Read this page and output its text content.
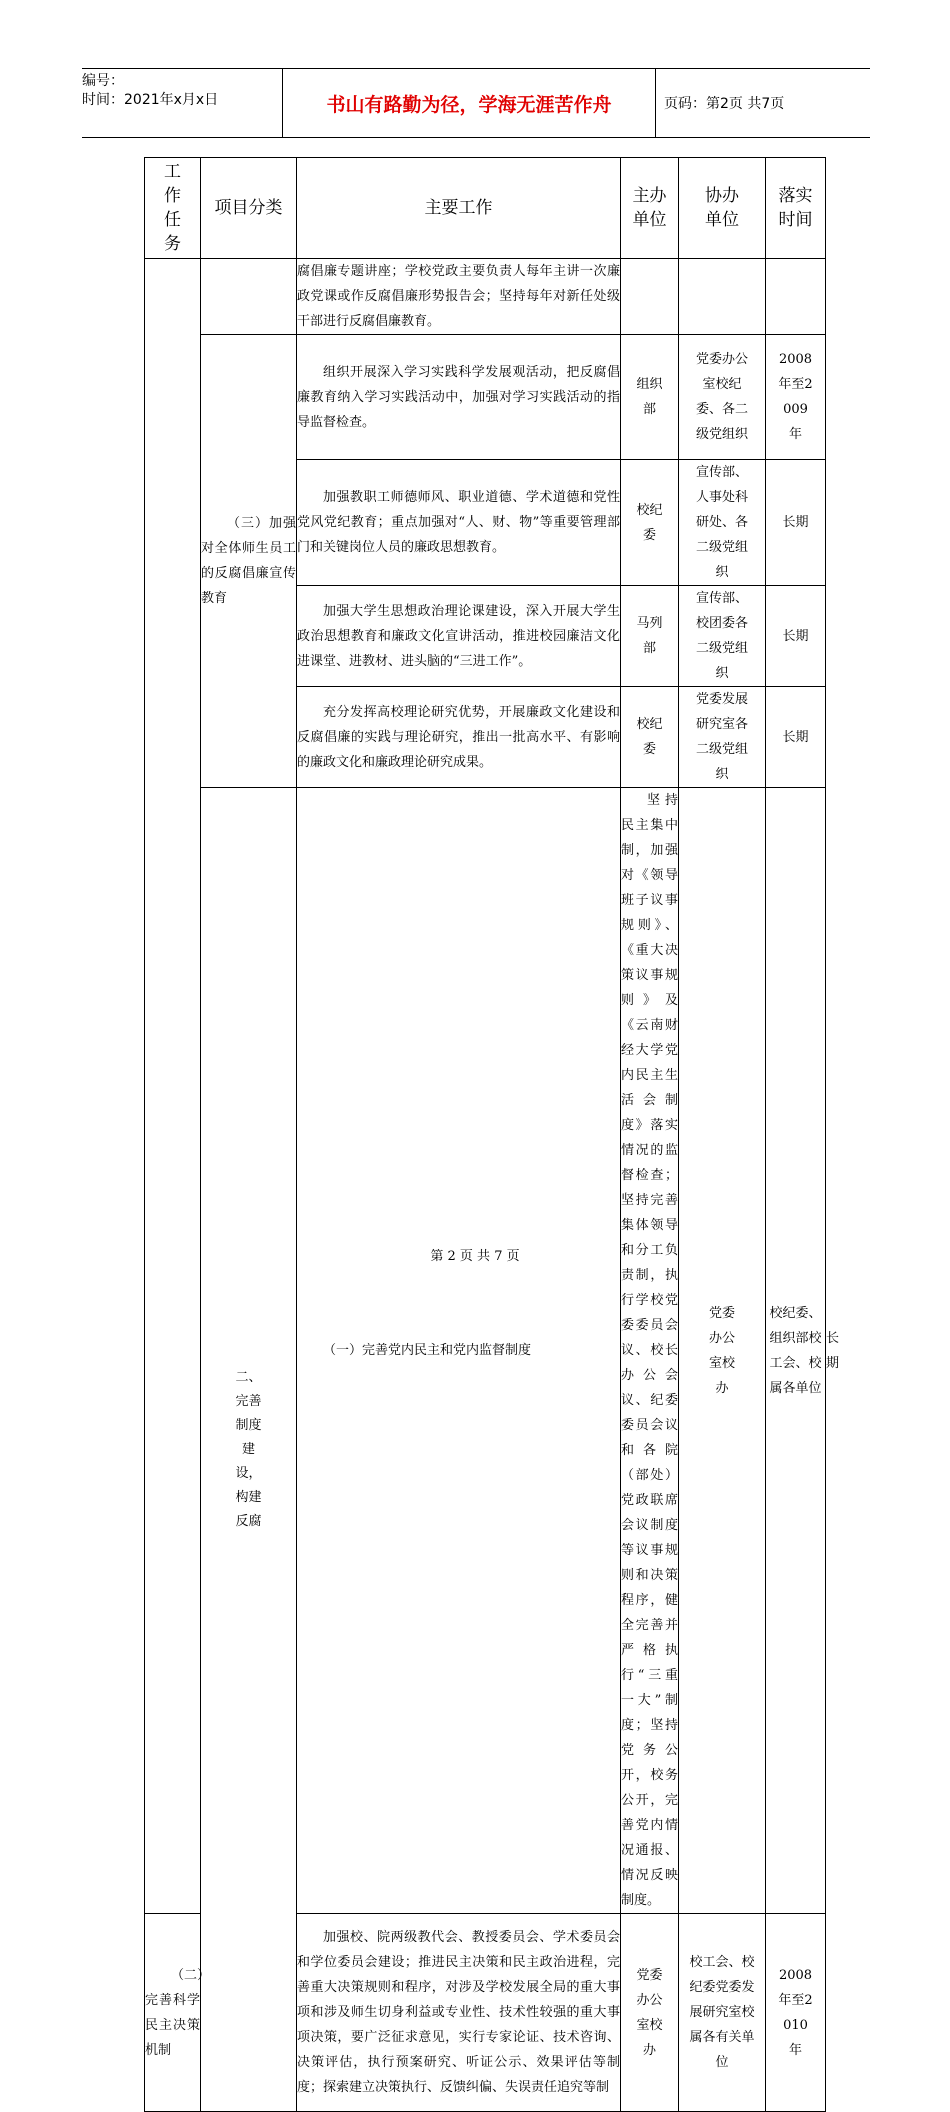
编号：
时间：2021年x月x日	书山有路勤为径，学海无涯苦作舟	页码：第2页 共7页
工作任务	项目分类	主要工作	主办单位	协办单位	落实时间	

		腐倡廉专题讲座；学校党政主要负责人每年主讲一次廉政党课或作反腐倡廉形势报告会；坚持每年对新任处级干部进行反腐倡廉教育。				

	（三）加强对全体师生员工的反腐倡廉宣传教育	组织开展深入学习实践科学发展观活动，把反腐倡廉教育纳入学习实践活动中，加强对学习实践活动的指导监督检查。	组织部	党委办公室校纪委、各二级党组织	2008年至2009年	

		加强教职工师德师风、职业道德、学术道德和党性党风党纪教育；重点加强对“人、财、物”等重要管理部门和关键岗位人员的廉政思想教育。	校纪委	宣传部、人事处科研处、各二级党组织	长期	

		加强大学生思想政治理论课建设，深入开展大学生政治思想教育和廉政文化宣讲活动，推进校园廉洁文化进课堂、进教材、进头脑的“三进工作”。	马列部	宣传部、校团委各二级党组织	长期	

		充分发挥高校理论研究优势，开展廉政文化建设和反腐倡廉的实践与理论研究，推出一批高水平、有影响的廉政文化和廉政理论研究成果。	校纪委	党委发展研究室各二级党组织	长期	

	二、完善制度建设，构建反腐	（一）完善党内民主和党内监督制度	坚持民主集中制，加强对《领导班子议事规则》、《重大决策议事规则》及《云南财经大学党内民主生活会制度》落实情况的监督检查；坚持完善集体领导和分工负责制，执行学校党委委员会议、校长办公会议、纪委委员会议和各院（部处）党政联席会议制度等议事规则和决策程序，健全完善并严格执行“三重一大”制度；坚持党务公开，校务公开，完善党内情况通报、情况反映制度。	党委办公室校办	校纪委、组织部校工会、校属各单位	长期

（二）完善科学民主决策机制		加强校、院两级教代会、教授委员会、学术委员会和学位委员会建设；推进民主决策和民主政治进程，完善重大决策规则和程序，对涉及学校发展全局的重大事项和涉及师生切身利益或专业性、技术性较强的重大事项决策，要广泛征求意见，实行专家论证、技术咨询、决策评估，执行预案研究、听证公示、效果评估等制度；探索建立决策执行、反馈纠偏、失误责任追究等制	党委办公室校办	校工会、校纪委党委发展研究室校属各有关单位	2008年至2010年	
第 2 页 共 7 页
